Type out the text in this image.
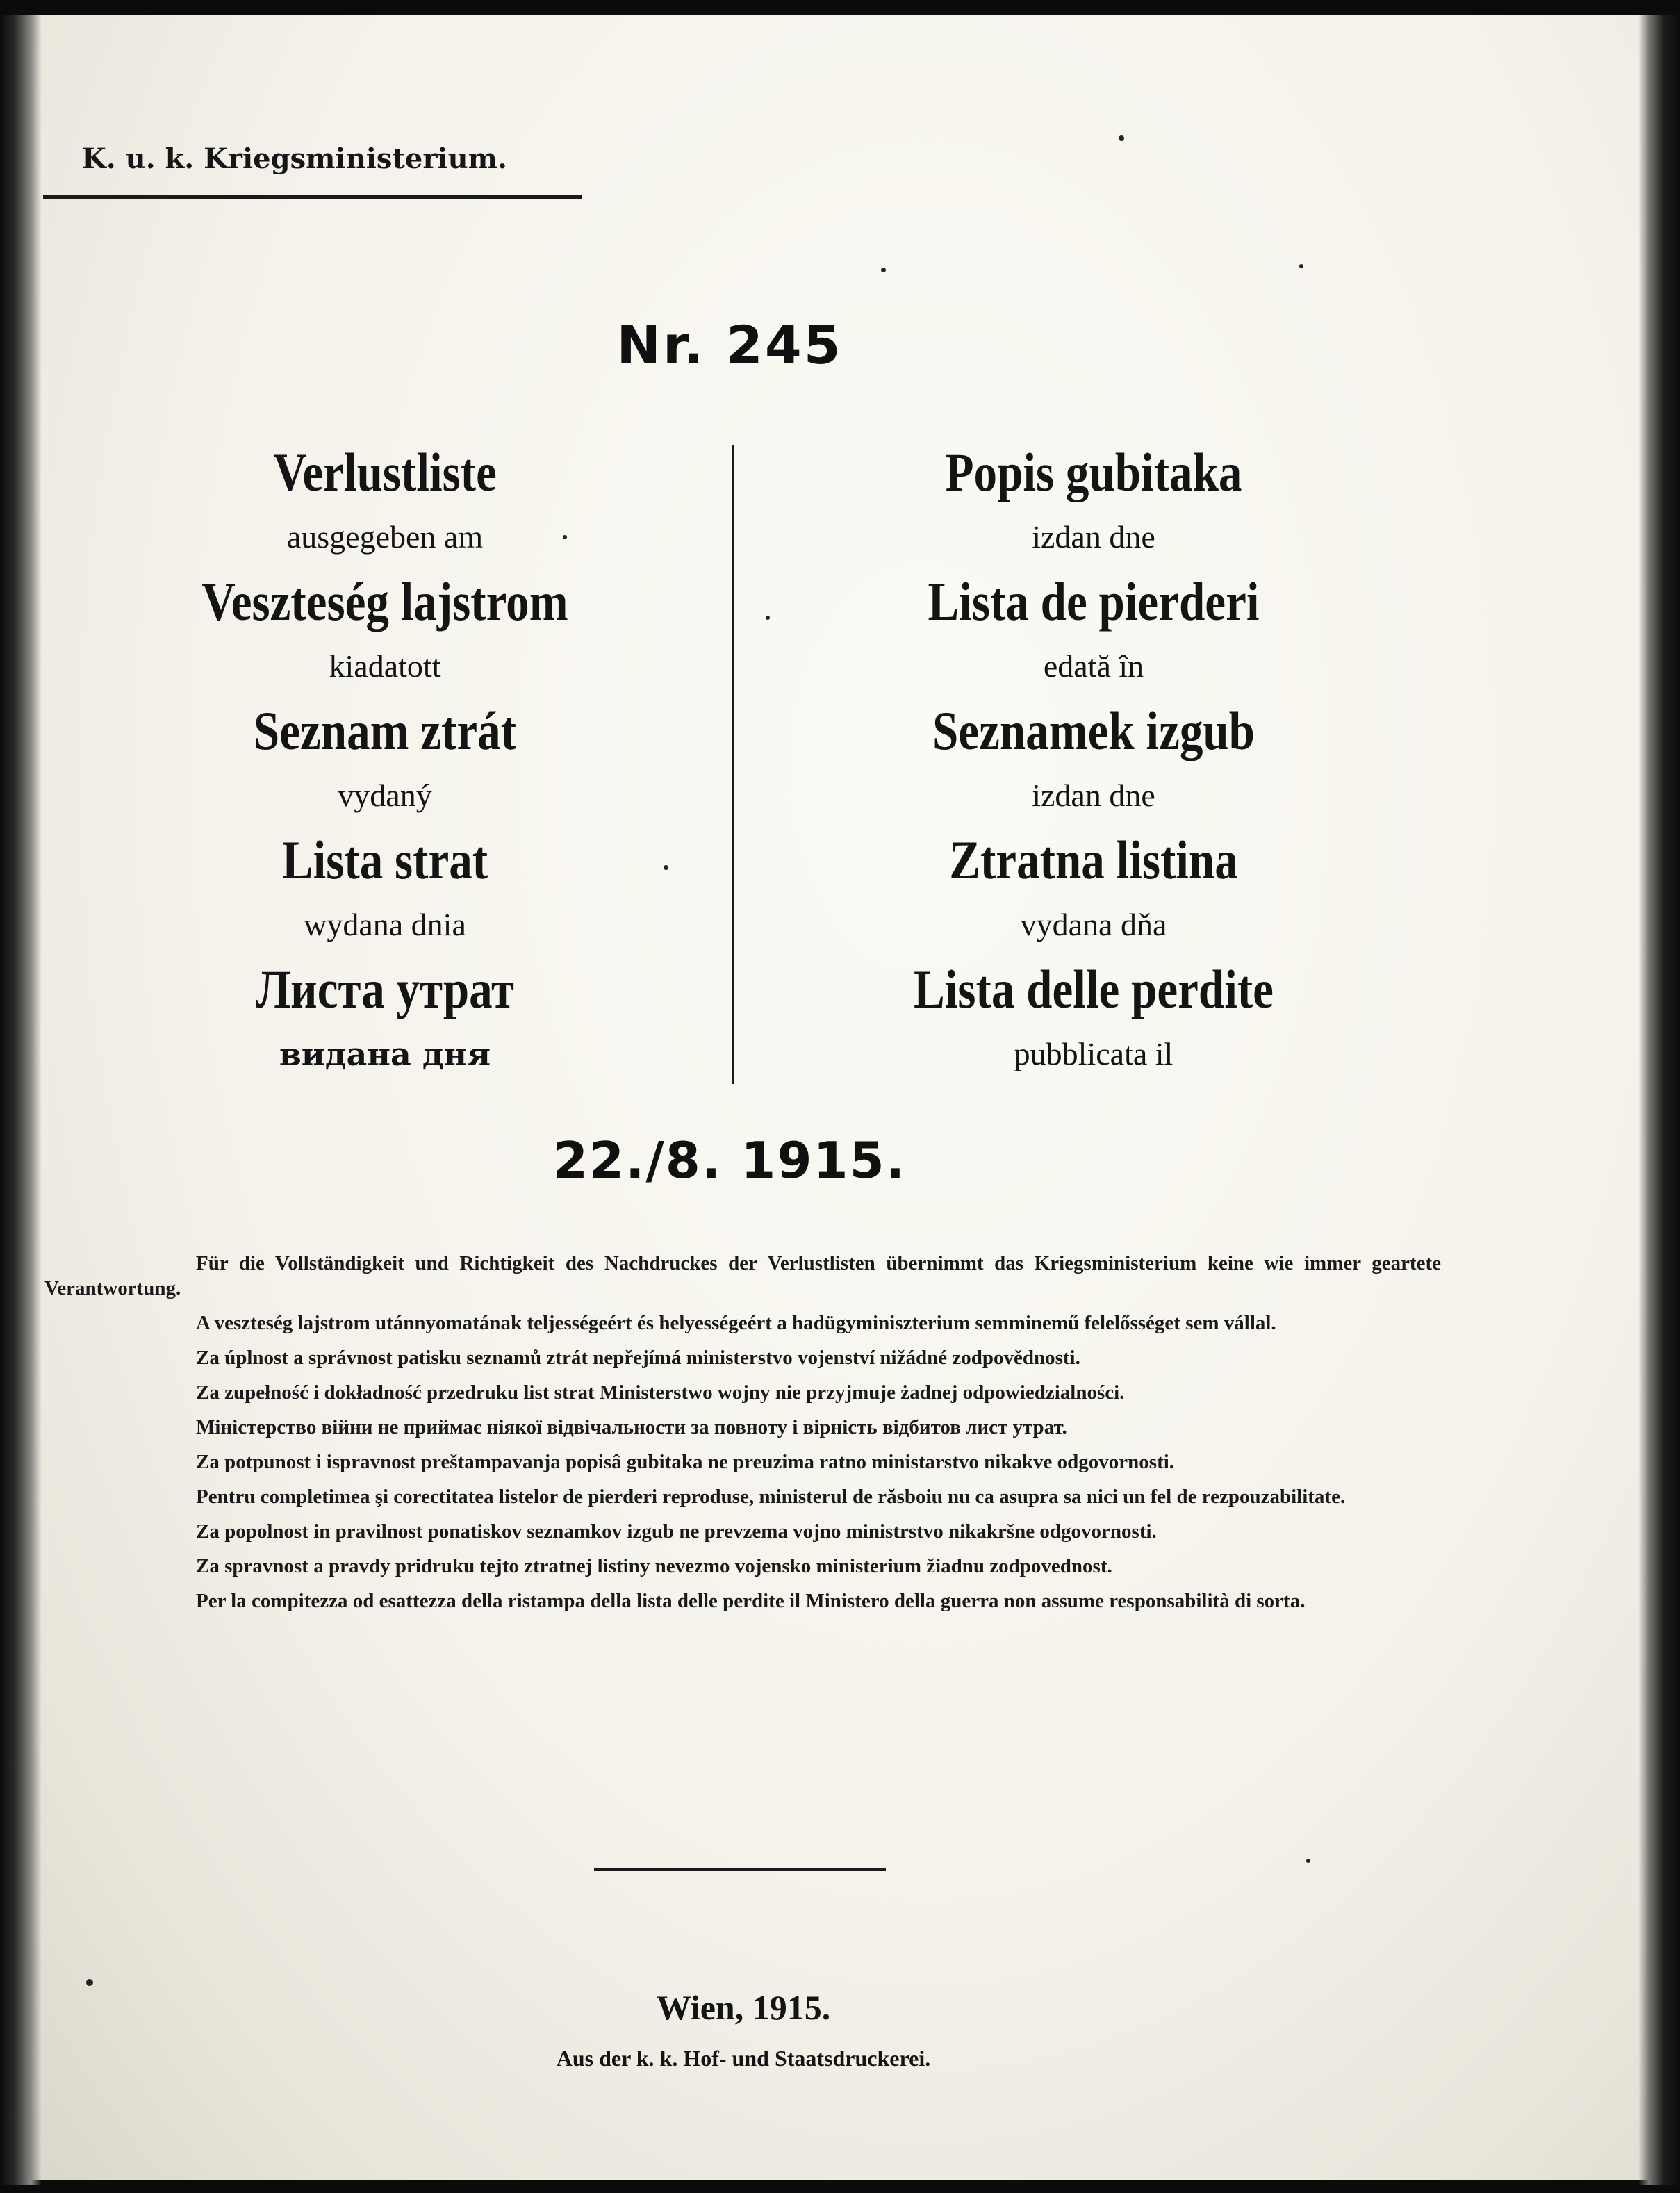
K. u. k. Kriegsministerium.
Nr. 245
Verlustliste
ausgegeben am
Veszteség lajstrom
kiadatott
Seznam ztrát
vydaný
Lista strat
wydana dnia
Листа утрат
видана дня
Popis gubitaka
izdan dne
Lista de pierderi
edată în
Seznamek izgub
izdan dne
Ztratna listina
vydana dňa
Lista delle perdite
pubblicata il
22./8. 1915.

Für die Vollständigkeit und Richtigkeit des Nachdruckes der Verlustlisten übernimmt das Kriegsministerium keine wie immer geartete Verantwortung.

A veszteség lajstrom utánnyomatának teljességeért és helyességeért a hadügyminiszterium semminemű felelősséget sem vállal.

Za úplnost a správnost patisku seznamů ztrát nepřejímá ministerstvo vojenství nižádné zodpovědnosti.

Za zupełność i dokładność przedruku list strat Ministerstwo wojny nie przyjmuje żadnej odpowiedzialności.

Міністерство війни не приймає ніякої відвічальности за повноту і вірність відбитов лист утрат.

Za potpunost i ispravnost preštampavanja popisâ gubitaka ne preuzima ratno ministarstvo nikakve odgovornosti.

Pentru completimea şi corectitatea listelor de pierderi reproduse, ministerul de răsboiu nu ca asupra sa nici un fel de rezpouzabilitate.

Za popolnost in pravilnost ponatiskov seznamkov izgub ne prevzema vojno ministrstvo nikakršne odgovornosti.

Za spravnost a pravdy pridruku tejto ztratnej listiny nevezmo vojensko ministerium žiadnu zodpovednost.

Per la compitezza od esattezza della ristampa della lista delle perdite il Ministero della guerra non assume responsabilità di sorta.

Wien, 1915.
Aus der k. k. Hof- und Staatsdruckerei.
